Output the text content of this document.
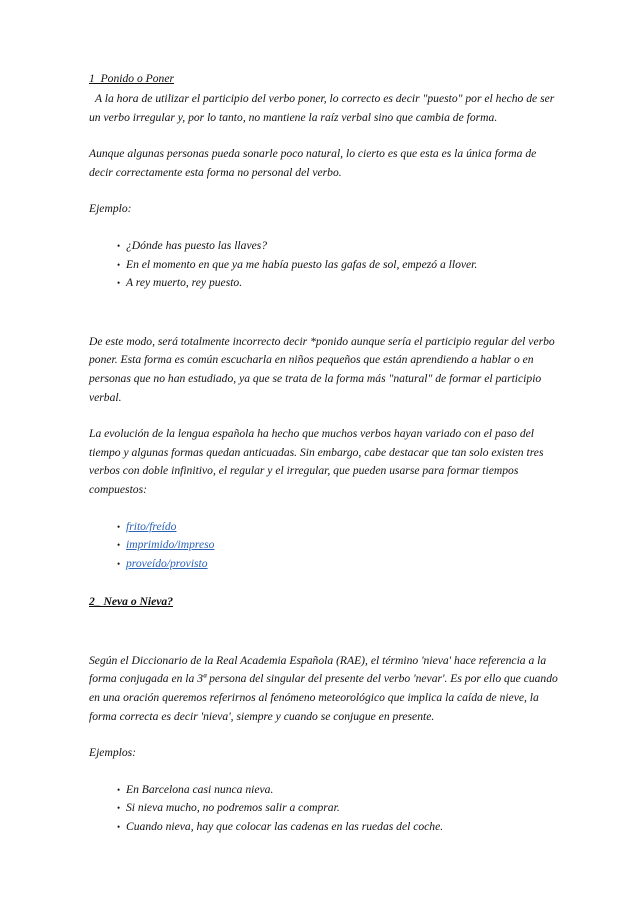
1_Ponido o Poner

A la hora de utilizar el participio del verbo poner, lo correcto es decir "puesto" por el hecho de ser un verbo irregular y, por lo tanto, no mantiene la raíz verbal sino que cambia de forma.

Aunque algunas personas pueda sonarle poco natural, lo cierto es que esta es la única forma de decir correctamente esta forma no personal del verbo.

Ejemplo:

• ¿Dónde has puesto las llaves?
• En el momento en que ya me había puesto las gafas de sol, empezó a llover.
• A rey muerto, rey puesto.

De este modo, será totalmente incorrecto decir *ponido aunque sería el participio regular del verbo poner. Esta forma es común escucharla en niños pequeños que están aprendiendo a hablar o en personas que no han estudiado, ya que se trata de la forma más "natural" de formar el participio verbal.

La evolución de la lengua española ha hecho que muchos verbos hayan variado con el paso del tiempo y algunas formas quedan anticuadas. Sin embargo, cabe destacar que tan solo existen tres verbos con doble infinitivo, el regular y el irregular, que pueden usarse para formar tiempos compuestos:

• frito/freído
• imprimido/impreso
• proveído/provisto
2_ Neva o Nieva?

Según el Diccionario de la Real Academia Española (RAE), el término 'nieva' hace referencia a la forma conjugada en la 3ª persona del singular del presente del verbo 'nevar'. Es por ello que cuando en una oración queremos referirnos al fenómeno meteorológico que implica la caída de nieve, la forma correcta es decir 'nieva', siempre y cuando se conjugue en presente.

Ejemplos:

• En Barcelona casi nunca nieva.
• Si nieva mucho, no podremos salir a comprar.
• Cuando nieva, hay que colocar las cadenas en las ruedas del coche.
